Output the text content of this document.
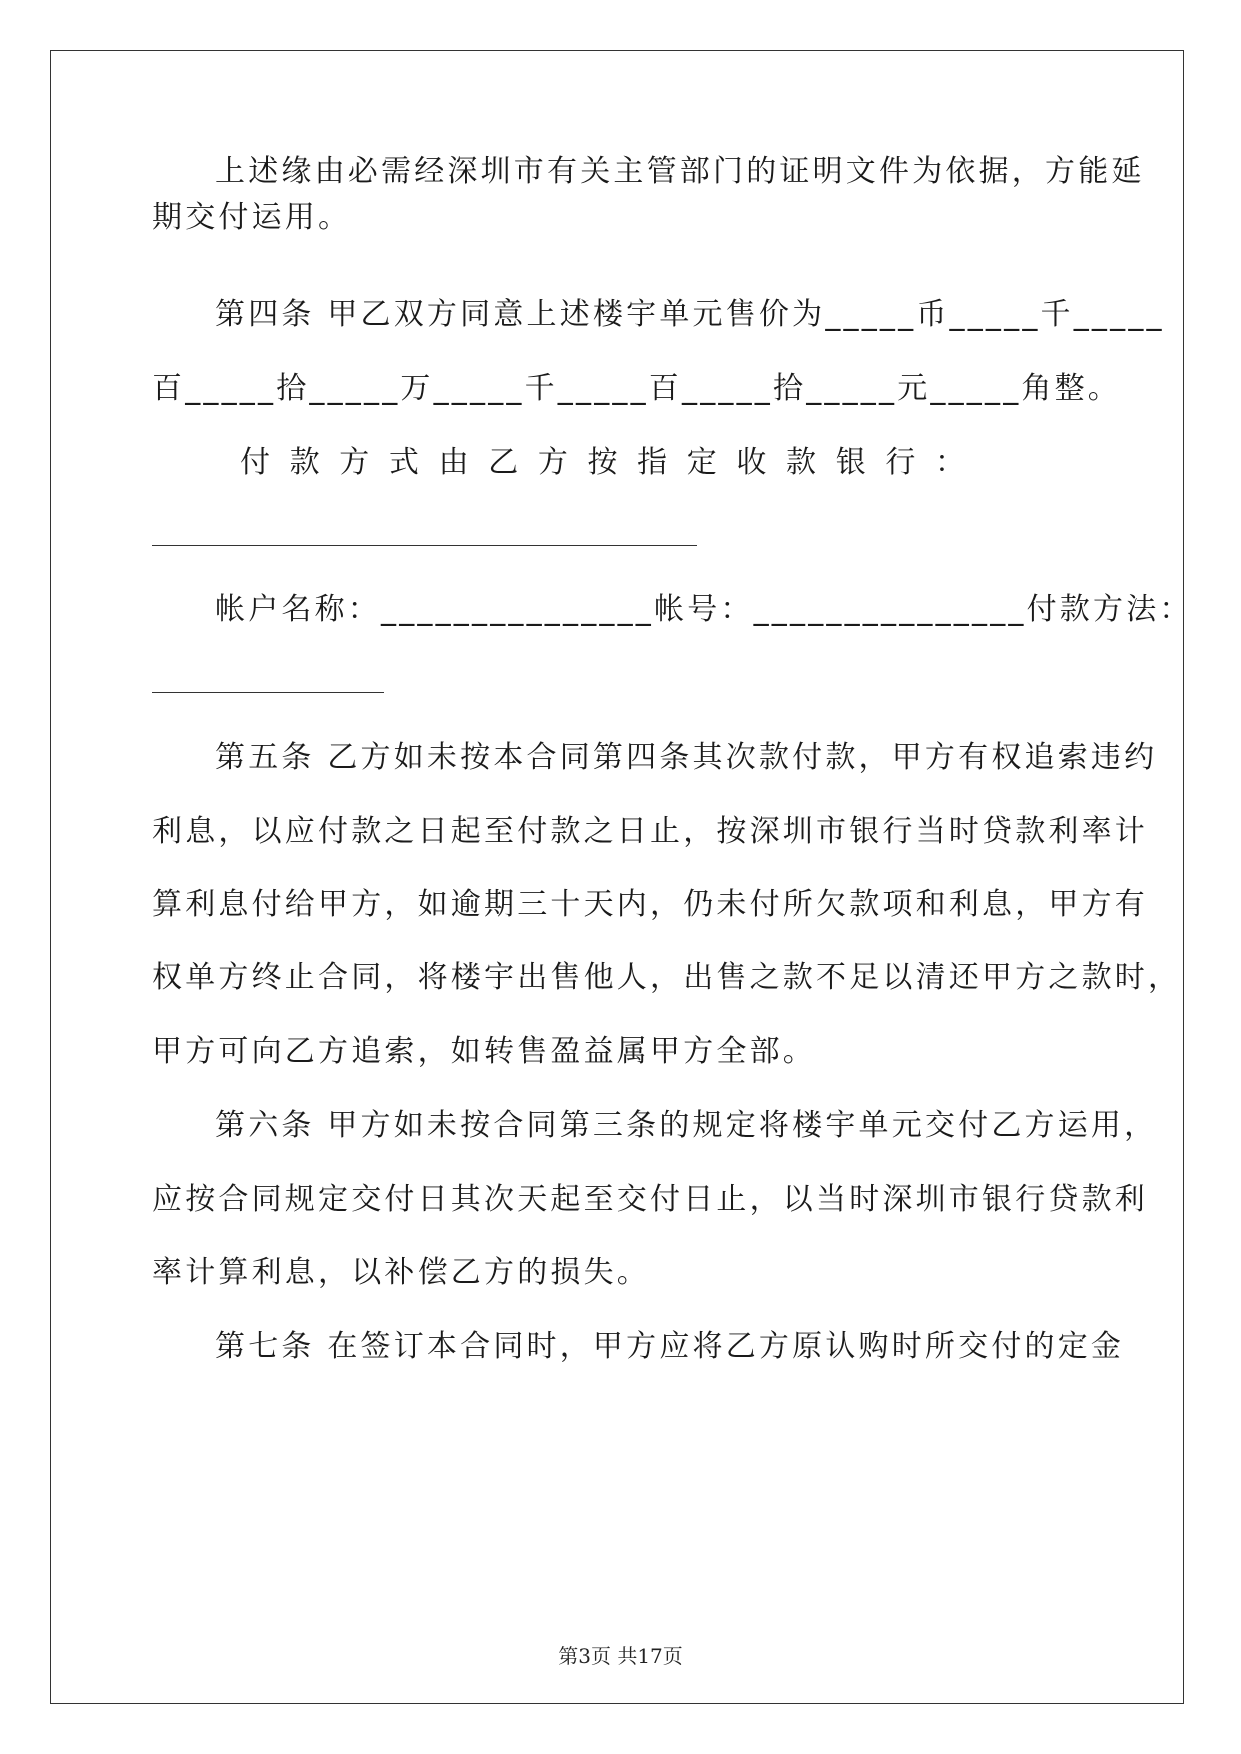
上述缘由必需经深圳市有关主管部门的证明文件为依据，方能延
期交付运用。
第四条 甲乙双方同意上述楼宇单元售价为_____币_____千_____
百_____拾_____万_____千_____百_____拾_____元_____角整。
付 款 方 式 由 乙 方 按 指 定 收 款 银 行 ：
帐户名称：_______________帐号：_______________付款方法：
第五条 乙方如未按本合同第四条其次款付款，甲方有权追索违约
利息，以应付款之日起至付款之日止，按深圳市银行当时贷款利率计
算利息付给甲方，如逾期三十天内，仍未付所欠款项和利息，甲方有
权单方终止合同，将楼宇出售他人，出售之款不足以清还甲方之款时，
甲方可向乙方追索，如转售盈益属甲方全部。
第六条 甲方如未按合同第三条的规定将楼宇单元交付乙方运用，
应按合同规定交付日其次天起至交付日止，以当时深圳市银行贷款利
率计算利息，以补偿乙方的损失。
第七条 在签订本合同时，甲方应将乙方原认购时所交付的定金
第3页 共17页
